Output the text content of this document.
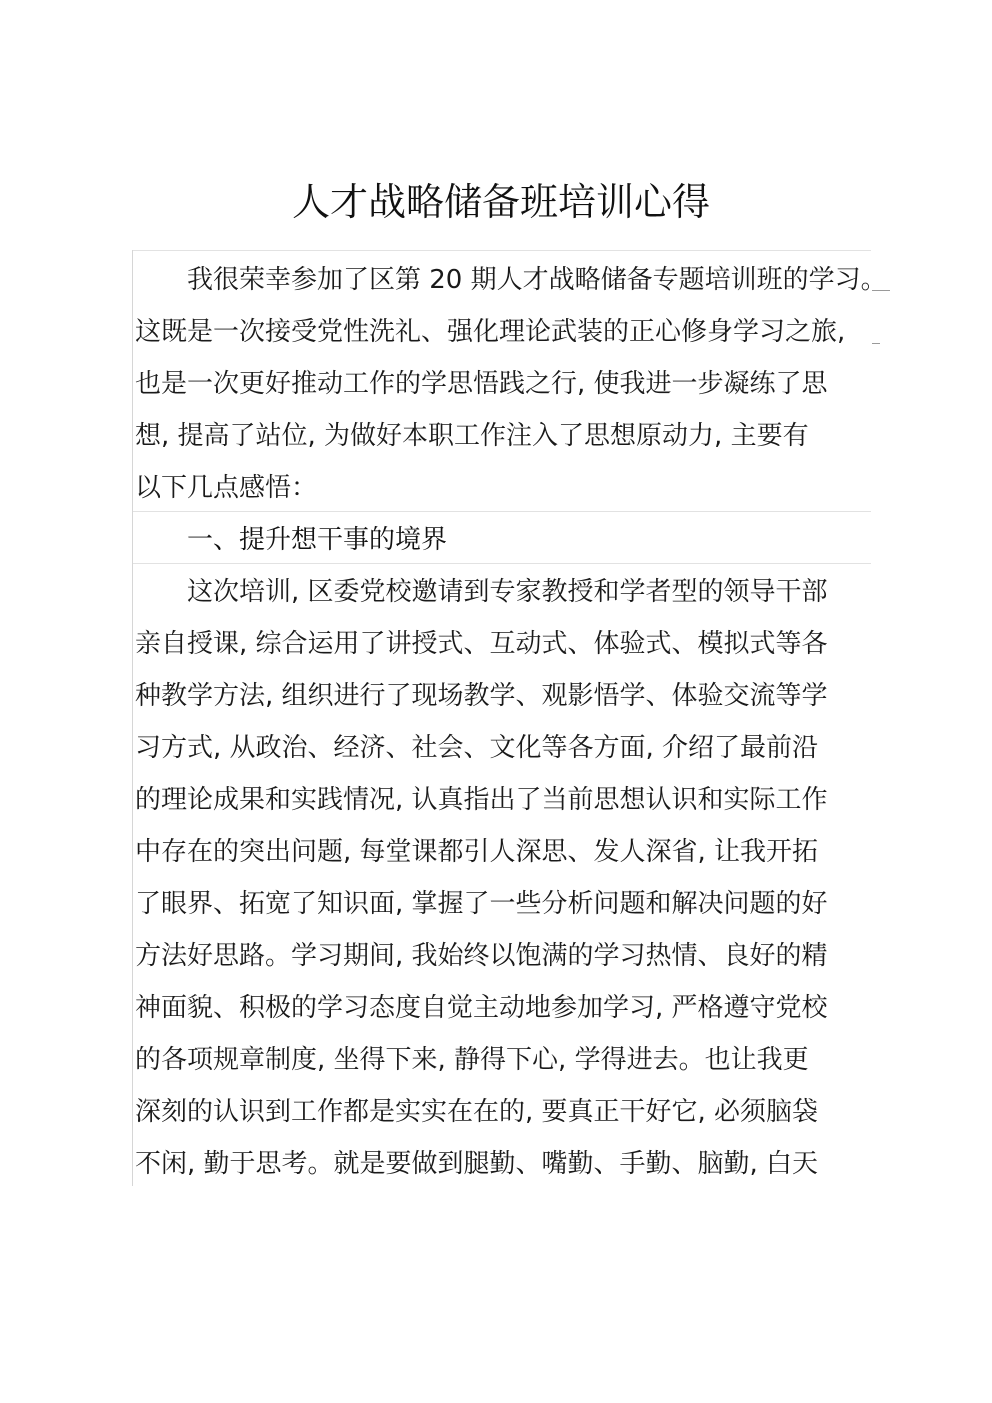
人才战略储备班培训心得
我很荣幸参加了区第 20 期人才战略储备专题培训班的学习。
这既是一次接受党性洗礼、强化理论武装的正心修身学习之旅,
也是一次更好推动工作的学思悟践之行, 使我进一步凝练了思
想, 提高了站位, 为做好本职工作注入了思想原动力, 主要有
以下几点感悟：
一、提升想干事的境界
这次培训, 区委党校邀请到专家教授和学者型的领导干部
亲自授课, 综合运用了讲授式、互动式、体验式、模拟式等各
种教学方法, 组织进行了现场教学、观影悟学、体验交流等学
习方式, 从政治、经济、社会、文化等各方面, 介绍了最前沿
的理论成果和实践情况, 认真指出了当前思想认识和实际工作
中存在的突出问题, 每堂课都引人深思、发人深省, 让我开拓
了眼界、拓宽了知识面, 掌握了一些分析问题和解决问题的好
方法好思路。学习期间, 我始终以饱满的学习热情、良好的精
神面貌、积极的学习态度自觉主动地参加学习, 严格遵守党校
的各项规章制度, 坐得下来, 静得下心, 学得进去。也让我更
深刻的认识到工作都是实实在在的, 要真正干好它, 必须脑袋
不闲, 勤于思考。就是要做到腿勤、嘴勤、手勤、脑勤, 白天
